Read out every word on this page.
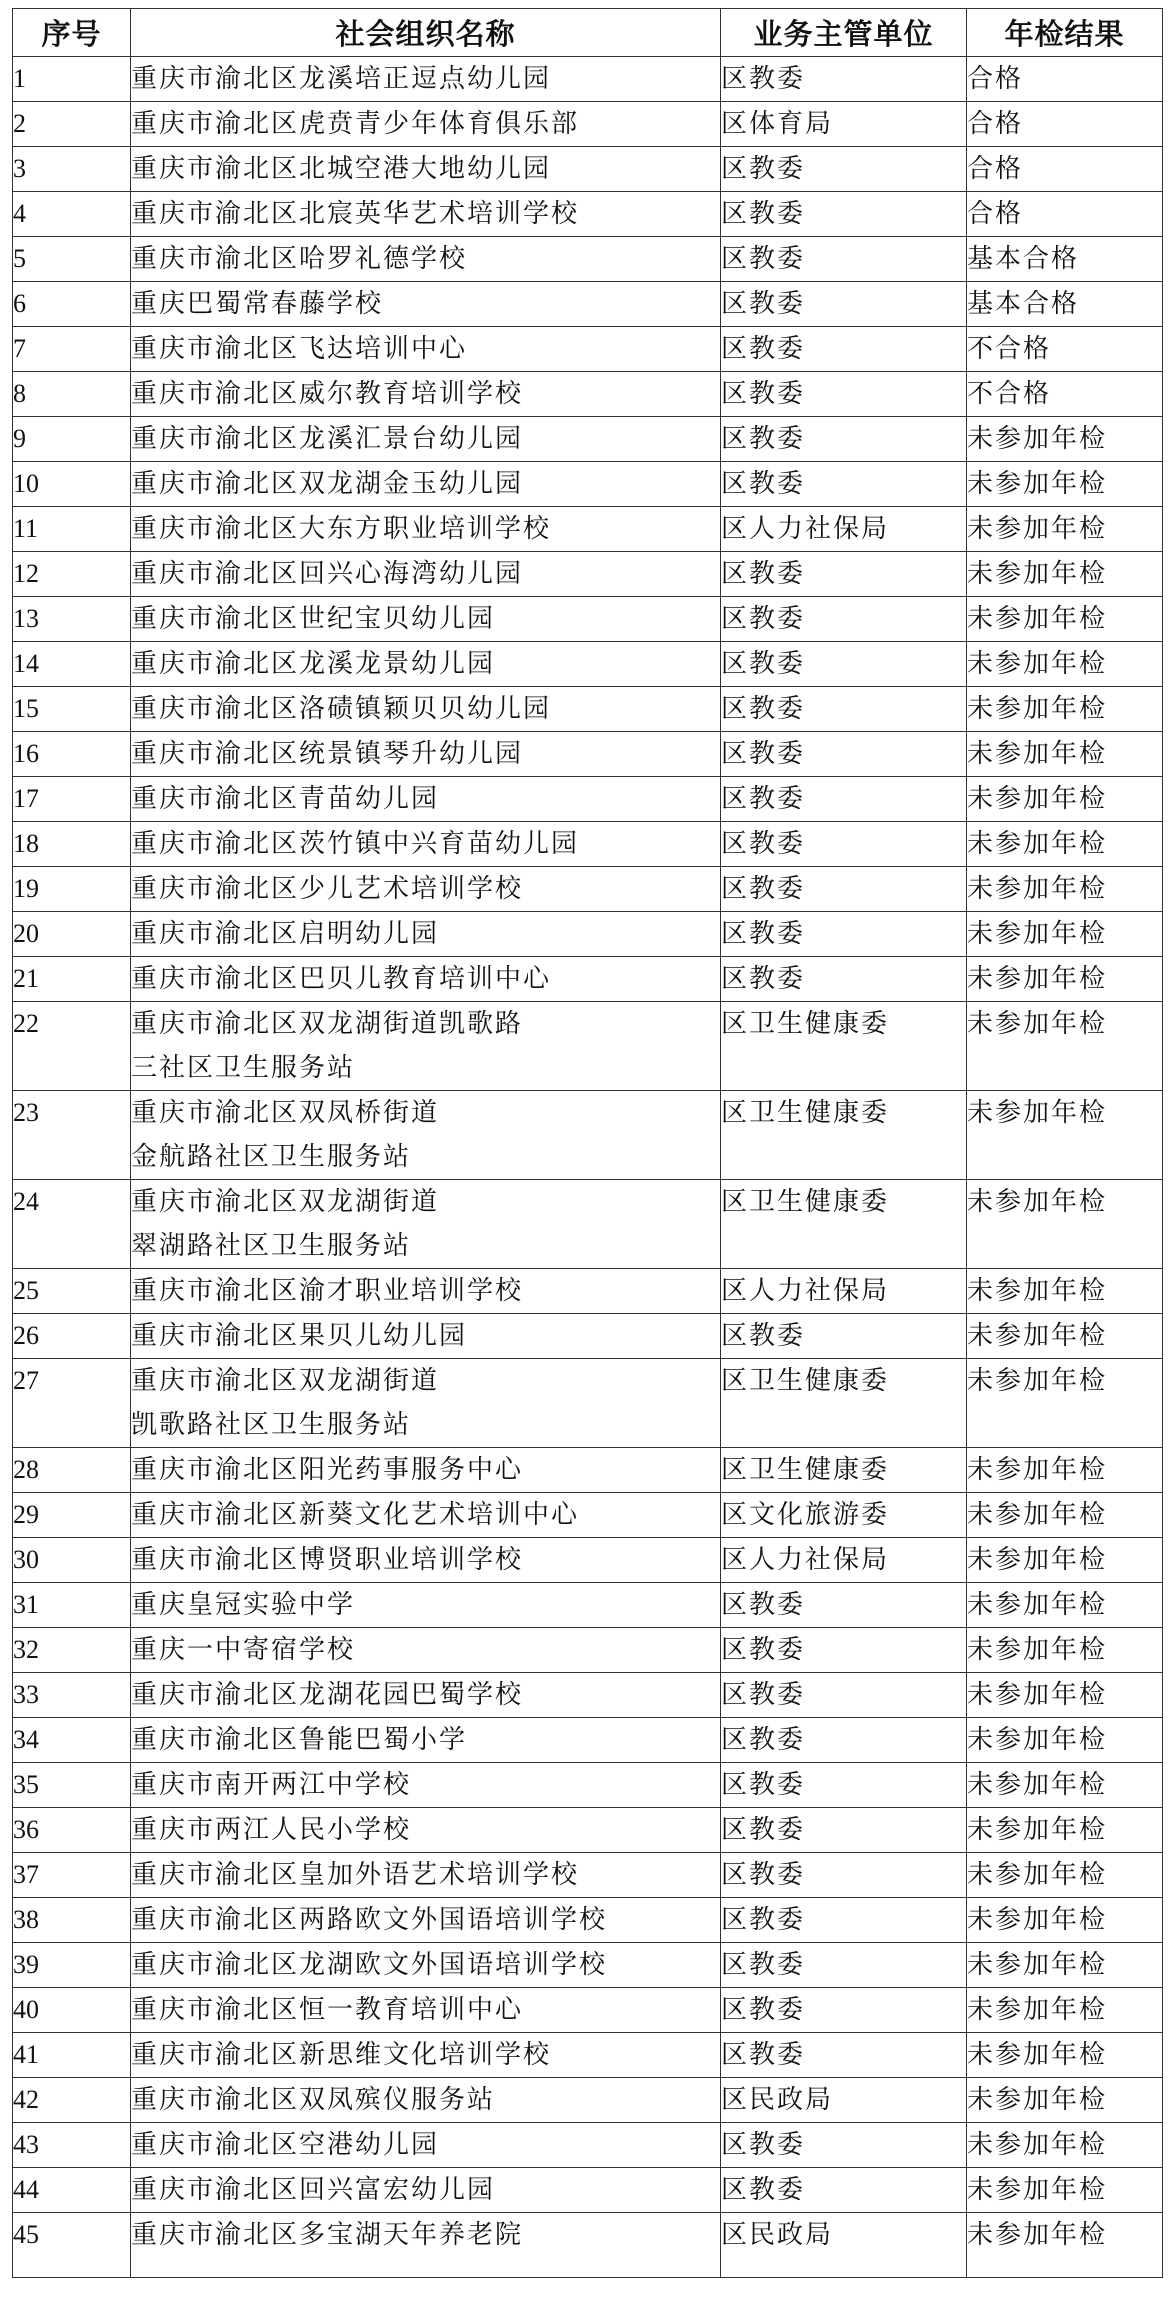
序号	社会组织名称	业务主管单位	年检结果
1	重庆市渝北区龙溪培正逗点幼儿园	区教委	合格
2	重庆市渝北区虎贲青少年体育俱乐部	区体育局	合格
3	重庆市渝北区北城空港大地幼儿园	区教委	合格
4	重庆市渝北区北宸英华艺术培训学校	区教委	合格
5	重庆市渝北区哈罗礼德学校	区教委	基本合格
6	重庆巴蜀常春藤学校	区教委	基本合格
7	重庆市渝北区飞达培训中心	区教委	不合格
8	重庆市渝北区威尔教育培训学校	区教委	不合格
9	重庆市渝北区龙溪汇景台幼儿园	区教委	未参加年检
10	重庆市渝北区双龙湖金玉幼儿园	区教委	未参加年检
11	重庆市渝北区大东方职业培训学校	区人力社保局	未参加年检
12	重庆市渝北区回兴心海湾幼儿园	区教委	未参加年检
13	重庆市渝北区世纪宝贝幼儿园	区教委	未参加年检
14	重庆市渝北区龙溪龙景幼儿园	区教委	未参加年检
15	重庆市渝北区洛碛镇颖贝贝幼儿园	区教委	未参加年检
16	重庆市渝北区统景镇琴升幼儿园	区教委	未参加年检
17	重庆市渝北区青苗幼儿园	区教委	未参加年检
18	重庆市渝北区茨竹镇中兴育苗幼儿园	区教委	未参加年检
19	重庆市渝北区少儿艺术培训学校	区教委	未参加年检
20	重庆市渝北区启明幼儿园	区教委	未参加年检
21	重庆市渝北区巴贝儿教育培训中心	区教委	未参加年检
22	重庆市渝北区双龙湖街道凯歌路
三社区卫生服务站	区卫生健康委	未参加年检
23	重庆市渝北区双凤桥街道
金航路社区卫生服务站	区卫生健康委	未参加年检
24	重庆市渝北区双龙湖街道
翠湖路社区卫生服务站	区卫生健康委	未参加年检
25	重庆市渝北区渝才职业培训学校	区人力社保局	未参加年检
26	重庆市渝北区果贝儿幼儿园	区教委	未参加年检
27	重庆市渝北区双龙湖街道
凯歌路社区卫生服务站	区卫生健康委	未参加年检
28	重庆市渝北区阳光药事服务中心	区卫生健康委	未参加年检
29	重庆市渝北区新葵文化艺术培训中心	区文化旅游委	未参加年检
30	重庆市渝北区博贤职业培训学校	区人力社保局	未参加年检
31	重庆皇冠实验中学	区教委	未参加年检
32	重庆一中寄宿学校	区教委	未参加年检
33	重庆市渝北区龙湖花园巴蜀学校	区教委	未参加年检
34	重庆市渝北区鲁能巴蜀小学	区教委	未参加年检
35	重庆市南开两江中学校	区教委	未参加年检
36	重庆市两江人民小学校	区教委	未参加年检
37	重庆市渝北区皇加外语艺术培训学校	区教委	未参加年检
38	重庆市渝北区两路欧文外国语培训学校	区教委	未参加年检
39	重庆市渝北区龙湖欧文外国语培训学校	区教委	未参加年检
40	重庆市渝北区恒一教育培训中心	区教委	未参加年检
41	重庆市渝北区新思维文化培训学校	区教委	未参加年检
42	重庆市渝北区双凤殡仪服务站	区民政局	未参加年检
43	重庆市渝北区空港幼儿园	区教委	未参加年检
44	重庆市渝北区回兴富宏幼儿园	区教委	未参加年检
45	重庆市渝北区多宝湖天年养老院	区民政局	未参加年检
